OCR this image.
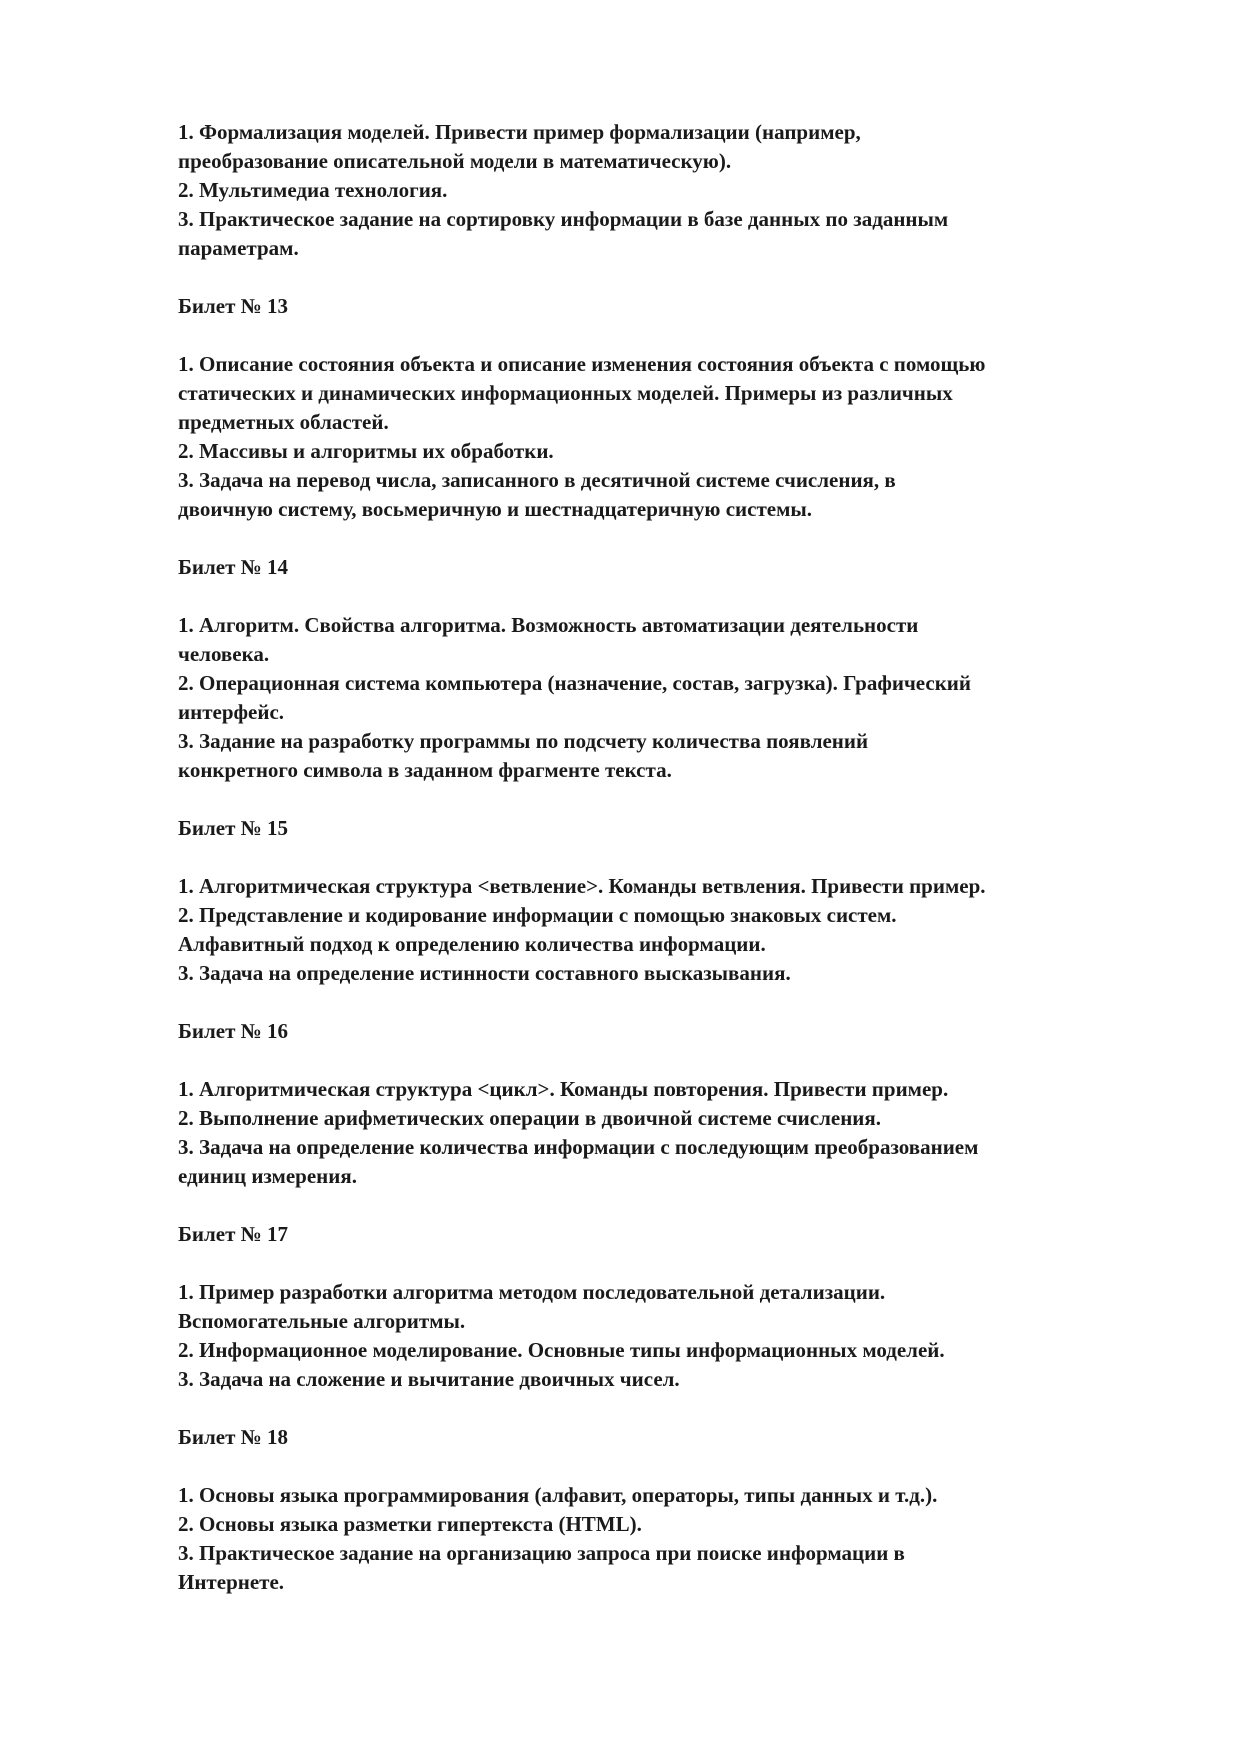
1. Формализация моделей. Привести пример формализации (например,
преобразование описательной модели в математическую).
2. Мультимедиа технология.
3. Практическое задание на сортировку информации в базе данных по заданным
параметрам.
Билет № 13
1. Описание состояния объекта и описание изменения состояния объекта с помощью
статических и динамических информационных моделей. Примеры из различных
предметных областей.
2. Массивы и алгоритмы их обработки.
3. Задача на перевод числа, записанного в десятичной системе счисления, в
двоичную систему, восьмеричную и шестнадцатеричную системы.
Билет № 14
1. Алгоритм. Свойства алгоритма. Возможность автоматизации деятельности
человека.
2. Операционная система компьютера (назначение, состав, загрузка). Графический
интерфейс.
3. Задание на разработку программы по подсчету количества появлений
конкретного символа в заданном фрагменте текста.
Билет № 15
1. Алгоритмическая структура <ветвление>. Команды ветвления. Привести пример.
2. Представление и кодирование информации с помощью знаковых систем.
Алфавитный подход к определению количества информации.
3. Задача на определение истинности составного высказывания.
Билет № 16
1. Алгоритмическая структура <цикл>. Команды повторения. Привести пример.
2. Выполнение арифметических операции в двоичной системе счисления.
3. Задача на определение количества информации с последующим преобразованием
единиц измерения.
Билет № 17
1. Пример разработки алгоритма методом последовательной детализации.
Вспомогательные алгоритмы.
2. Информационное моделирование. Основные типы информационных моделей.
3. Задача на сложение и вычитание двоичных чисел.
Билет № 18
1. Основы языка программирования (алфавит, операторы, типы данных и т.д.).
2. Основы языка разметки гипертекста (HTML).
3. Практическое задание на организацию запроса при поиске информации в
Интернете.
